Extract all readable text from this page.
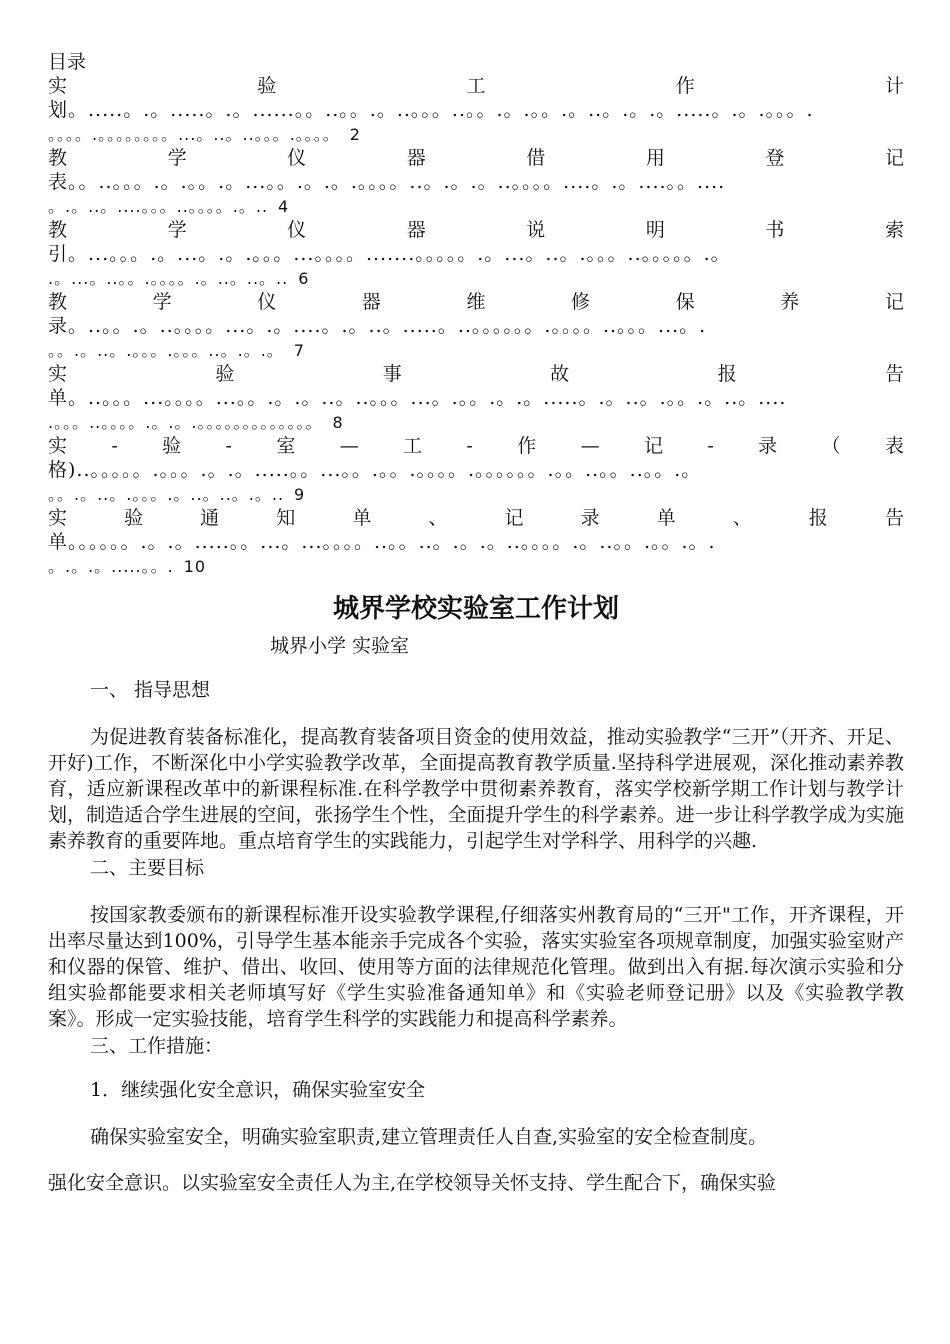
目录
实	验	工	作	计
划。.....。.。.....。.。......。。..。。.。..。。。..。。.。.。。.。..。.。.。.....。.。.。。。.
。。。。.。。。。。。。。...。..。..。。。.。。。。 2
教	学	仪	器	借	用	登	记
表。。..。。。.。.。。.。...。。.。.。.。。。。..。.。.。..。。。。....。.。....。。....
。.。..。....。。。..。。。。.。.. 4
教	学	仪	器	说	明	书	索
引。...。。。.。...。.。.。。。...。。。。.......。。。。。.。...。..。.。。。..。。。。。.。
.。...。..。。.。。。。.。..。..。.. 6
教	学	仪	器	维	修	保	养	记
录。..。。.。..。。。。...。.。....。.。..。.....。..。。。。。。.。。。。..。。。...。.
。。.。..。.。。。.。。。..。.。.。 7
实	验	事	故	报	告
单。..。。。...。。。。...。。.。.。..。..。。。...。.。。.。.。.....。.。..。.。。.。..。....
.。。。..。。。。.。.。.。。。。。。。。。。。。。 8
实 - 验 - 室 — 工 - 作 — 记 - 录 （ 表
格)..。。。。。.。。。.。.。.....。。...。。.。。.。。。。.。。。。。。.。。..。。..。。.。
。。.。..。.。。。.。..。..。.。.. 9
实	验	通	知	单	、	记	录	单	、	报	告
单。。。。。。.。.。.....。。...。...。。。。..。。..。.。.。..。。。。.。..。。.。。.。.
。.。.。.....。。. 10
城界学校实验室工作计划
城界小学 实验室
一、 指导思想
为促进教育装备标准化，提高教育装备项目资金的使用效益，推动实验教学“三开”（开齐、开足、开好)工作，不断深化中小学实验教学改革，全面提高教育教学质量.坚持科学进展观，深化推动素养教育，适应新课程改革中的新课程标准.在科学教学中贯彻素养教育，落实学校新学期工作计划与教学计划，制造适合学生进展的空间，张扬学生个性，全面提升学生的科学素养。进一步让科学教学成为实施素养教育的重要阵地。重点培育学生的实践能力，引起学生对学科学、用科学的兴趣.
二、主要目标
按国家教委颁布的新课程标准开设实验教学课程,仔细落实州教育局的“三开"工作，开齐课程，开出率尽量达到100%，引导学生基本能亲手完成各个实验，落实实验室各项规章制度，加强实验室财产和仪器的保管、维护、借出、收回、使用等方面的法律规范化管理。做到出入有据.每次演示实验和分组实验都能要求相关老师填写好《学生实验准备通知单》和《实验老师登记册》以及《实验教学教案》。形成一定实验技能，培育学生科学的实践能力和提高科学素养。
三、工作措施：
1．继续强化安全意识，确保实验室安全
确保实验室安全，明确实验室职责,建立管理责任人自查,实验室的安全检查制度。
强化安全意识。以实验室安全责任人为主,在学校领导关怀支持、学生配合下，确保实验
